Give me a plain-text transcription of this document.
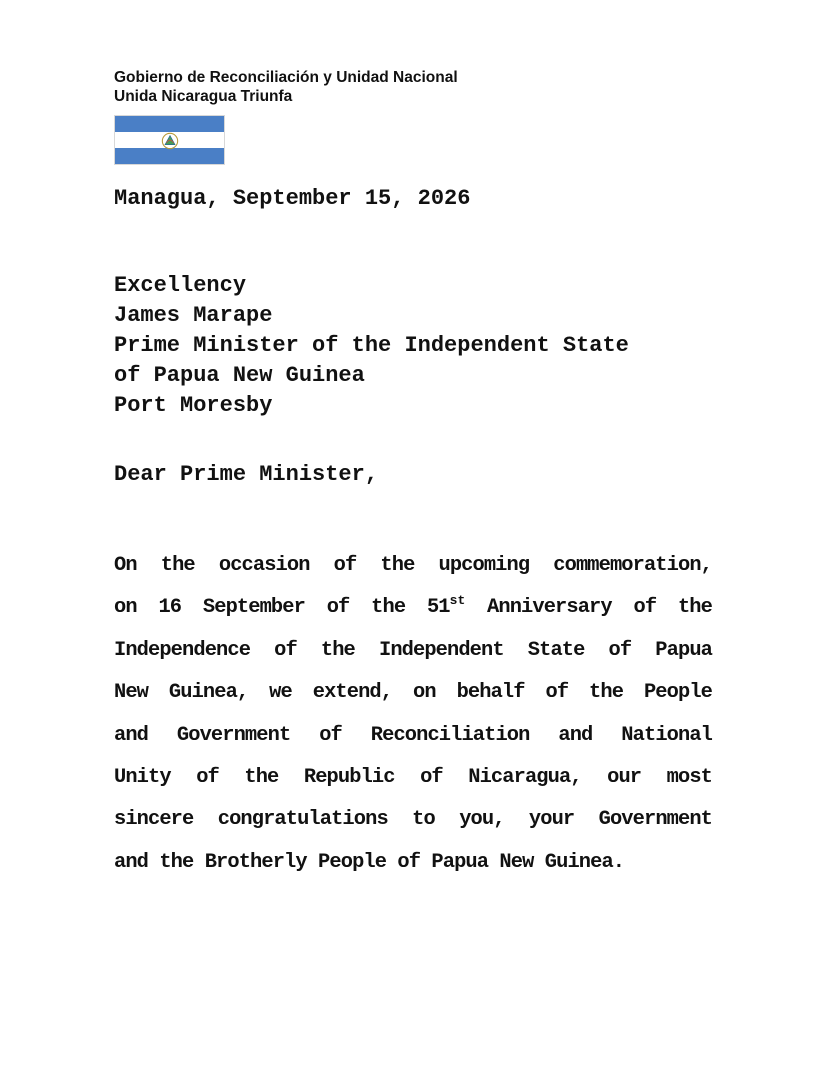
Gobierno de Reconciliación y Unidad Nacional
Unida Nicaragua Triunfa
Managua, September 15, 2026
Excellency
James Marape
Prime Minister of the Independent State
of Papua New Guinea
Port Moresby
Dear Prime Minister,
On the occasion of the upcoming commemoration,
on 16 September of the 51st Anniversary of the
Independence of the Independent State of Papua
New Guinea, we extend, on behalf of the People
and Government of Reconciliation and National
Unity of the Republic of Nicaragua, our most
sincere congratulations to you, your Government
and the Brotherly People of Papua New Guinea.
